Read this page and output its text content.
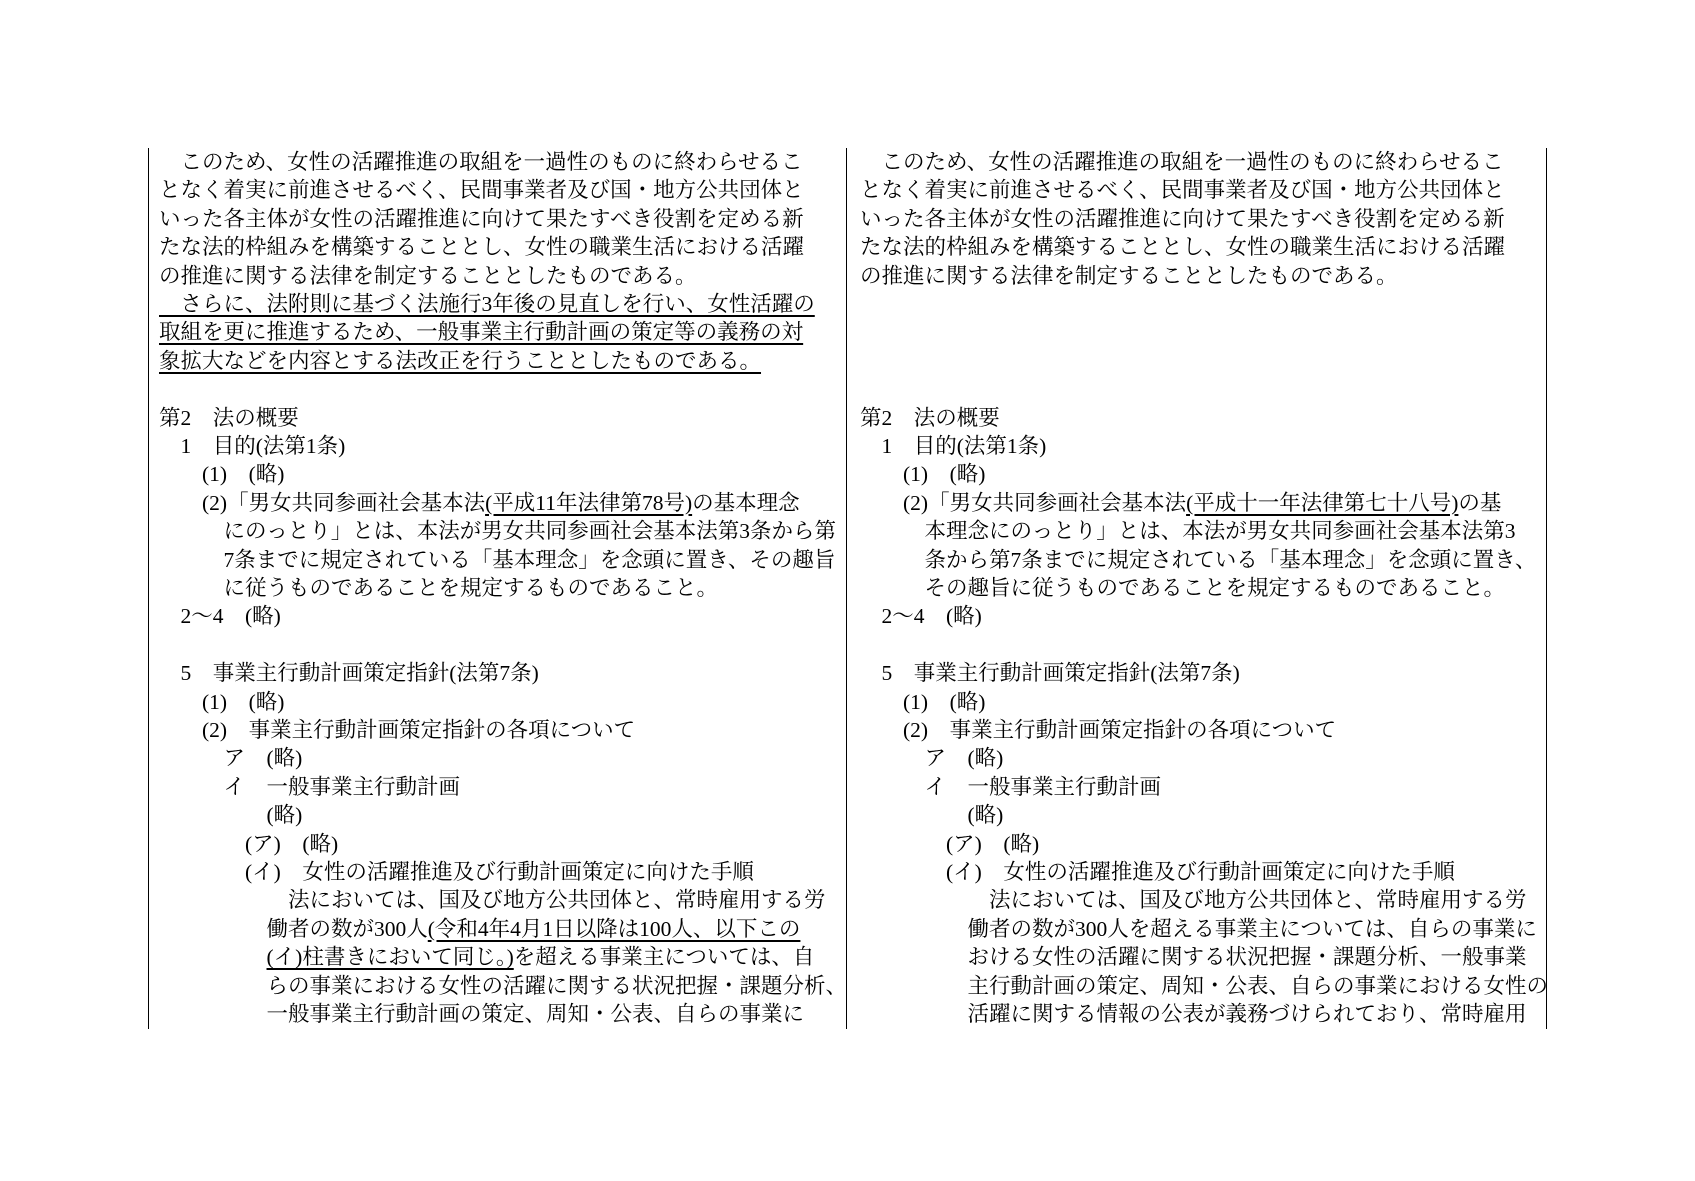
　このため、女性の活躍推進の取組を一過性のものに終わらせるこ
となく着実に前進させるべく、民間事業者及び国・地方公共団体と
いった各主体が女性の活躍推進に向けて果たすべき役割を定める新
たな法的枠組みを構築することとし、女性の職業生活における活躍
の推進に関する法律を制定することとしたものである。
　さらに、法附則に基づく法施行3年後の見直しを行い、女性活躍の
取組を更に推進するため、一般事業主行動計画の策定等の義務の対
象拡大などを内容とする法改正を行うこととしたものである。
第2　法の概要
　1　目的(法第1条)
　　(1)　(略)
　　(2)「男女共同参画社会基本法(平成11年法律第78号)の基本理念
　　　にのっとり」とは、本法が男女共同参画社会基本法第3条から第
　　　7条までに規定されている「基本理念」を念頭に置き、その趣旨
　　　に従うものであることを規定するものであること。
　2～4　(略)
　5　事業主行動計画策定指針(法第7条)
　　(1)　(略)
　　(2)　事業主行動計画策定指針の各項について
　　　ア　(略)
　　　イ　一般事業主行動計画
　　　　　(略)
　　　　(ア)　(略)
　　　　(イ)　女性の活躍推進及び行動計画策定に向けた手順
　　　　　　法においては、国及び地方公共団体と、常時雇用する労
　　　　　働者の数が300人(令和4年4月1日以降は100人、以下この
　　　　　(イ)柱書きにおいて同じ。)を超える事業主については、自
　　　　　らの事業における女性の活躍に関する状況把握・課題分析、
　　　　　一般事業主行動計画の策定、周知・公表、自らの事業に
　このため、女性の活躍推進の取組を一過性のものに終わらせるこ
となく着実に前進させるべく、民間事業者及び国・地方公共団体と
いった各主体が女性の活躍推進に向けて果たすべき役割を定める新
たな法的枠組みを構築することとし、女性の職業生活における活躍
の推進に関する法律を制定することとしたものである。
第2　法の概要
　1　目的(法第1条)
　　(1)　(略)
　　(2)「男女共同参画社会基本法(平成十一年法律第七十八号)の基
　　　本理念にのっとり」とは、本法が男女共同参画社会基本法第3
　　　条から第7条までに規定されている「基本理念」を念頭に置き、
　　　その趣旨に従うものであることを規定するものであること。
　2～4　(略)
　5　事業主行動計画策定指針(法第7条)
　　(1)　(略)
　　(2)　事業主行動計画策定指針の各項について
　　　ア　(略)
　　　イ　一般事業主行動計画
　　　　　(略)
　　　　(ア)　(略)
　　　　(イ)　女性の活躍推進及び行動計画策定に向けた手順
　　　　　　法においては、国及び地方公共団体と、常時雇用する労
　　　　　働者の数が300人を超える事業主については、自らの事業に
　　　　　おける女性の活躍に関する状況把握・課題分析、一般事業
　　　　　主行動計画の策定、周知・公表、自らの事業における女性の
　　　　　活躍に関する情報の公表が義務づけられており、常時雇用
